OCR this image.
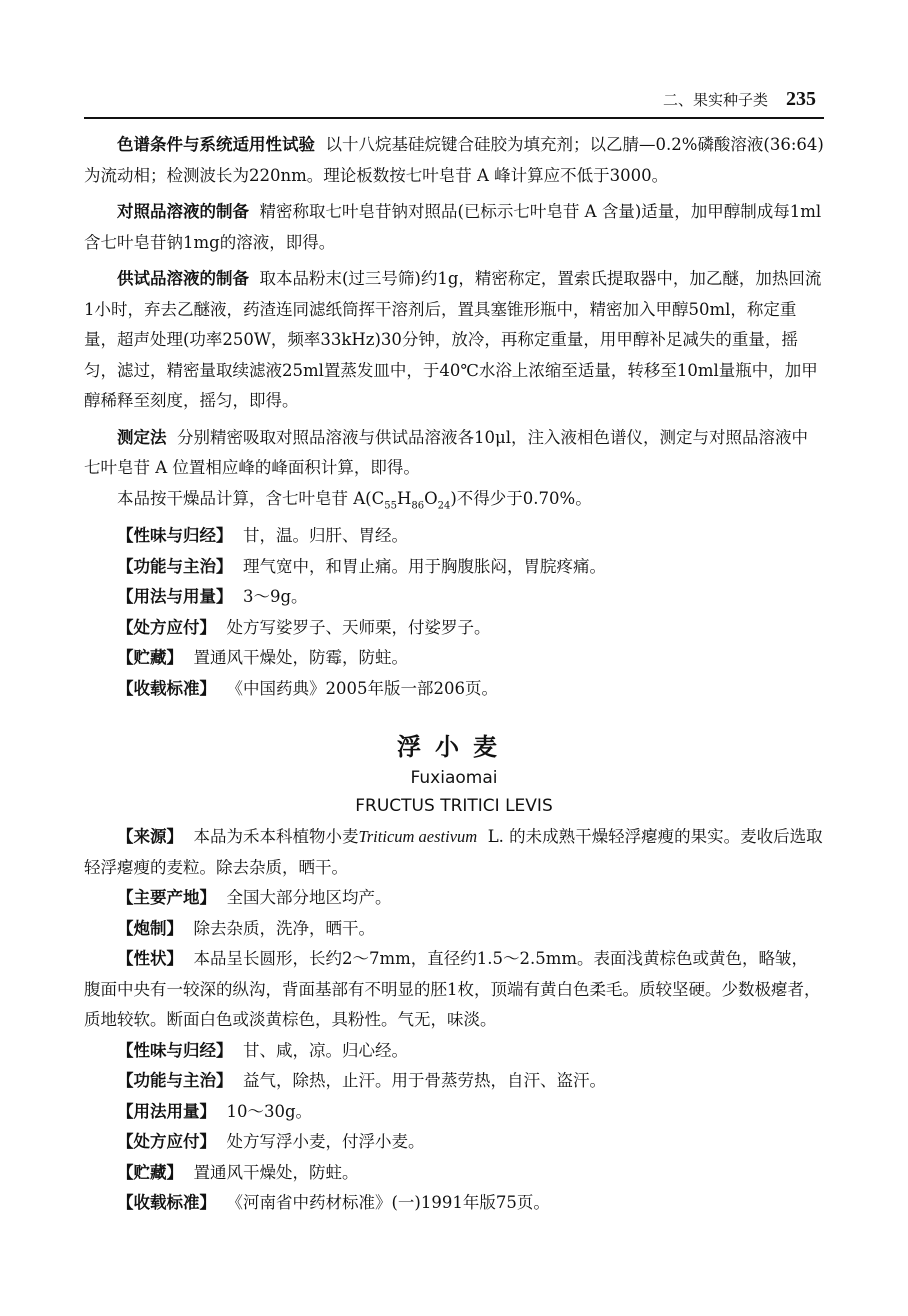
二、果实种子类 235

色谱条件与系统适用性试验 以十八烷基硅烷键合硅胶为填充剂；以乙腈—0.2%磷酸溶液(36:64)为流动相；检测波长为220nm。理论板数按七叶皂苷 A 峰计算应不低于3000。

对照品溶液的制备 精密称取七叶皂苷钠对照品(已标示七叶皂苷 A 含量)适量，加甲醇制成每1ml含七叶皂苷钠1mg的溶液，即得。

供试品溶液的制备 取本品粉末(过三号筛)约1g，精密称定，置索氏提取器中，加乙醚，加热回流1小时，弃去乙醚液，药渣连同滤纸筒挥干溶剂后，置具塞锥形瓶中，精密加入甲醇50ml，称定重量，超声处理(功率250W，频率33kHz)30分钟，放冷，再称定重量，用甲醇补足减失的重量，摇匀，滤过，精密量取续滤液25ml置蒸发皿中，于40℃水浴上浓缩至适量，转移至10ml量瓶中，加甲醇稀释至刻度，摇匀，即得。

测定法 分别精密吸取对照品溶液与供试品溶液各10μl，注入液相色谱仪，测定与对照品溶液中七叶皂苷 A 位置相应峰的峰面积计算，即得。

本品按干燥品计算，含七叶皂苷 $A(C_{55}H_{86}O_{24})$不得少于0.70%。

【性味与归经】 甘，温。归肝、胃经。

【功能与主治】 理气宽中，和胃止痛。用于胸腹胀闷，胃脘疼痛。

【用法与用量】 3～9g。

【处方应付】 处方写娑罗子、天师栗，付娑罗子。

【贮藏】 置通风干燥处，防霉，防蛀。

【收载标准】 《中国药典》2005年版一部206页。

浮小麦
Fuxiaomai
FRUCTUS TRITICI LEVIS

【来源】 本品为禾本科植物小麦Triticum aestivum L. 的未成熟干燥轻浮瘪瘦的果实。麦收后选取轻浮瘪瘦的麦粒。除去杂质，晒干。

【主要产地】 全国大部分地区均产。

【炮制】 除去杂质，洗净，晒干。

【性状】 本品呈长圆形，长约2～7mm，直径约1.5～2.5mm。表面浅黄棕色或黄色，略皱，腹面中央有一较深的纵沟，背面基部有不明显的胚1枚，顶端有黄白色柔毛。质较坚硬。少数极瘪者，质地较软。断面白色或淡黄棕色，具粉性。气无，味淡。

【性味与归经】 甘、咸，凉。归心经。

【功能与主治】 益气，除热，止汗。用于骨蒸劳热，自汗、盗汗。

【用法用量】 10～30g。

【处方应付】 处方写浮小麦，付浮小麦。

【贮藏】 置通风干燥处，防蛀。

【收载标准】 《河南省中药材标准》(一)1991年版75页。
